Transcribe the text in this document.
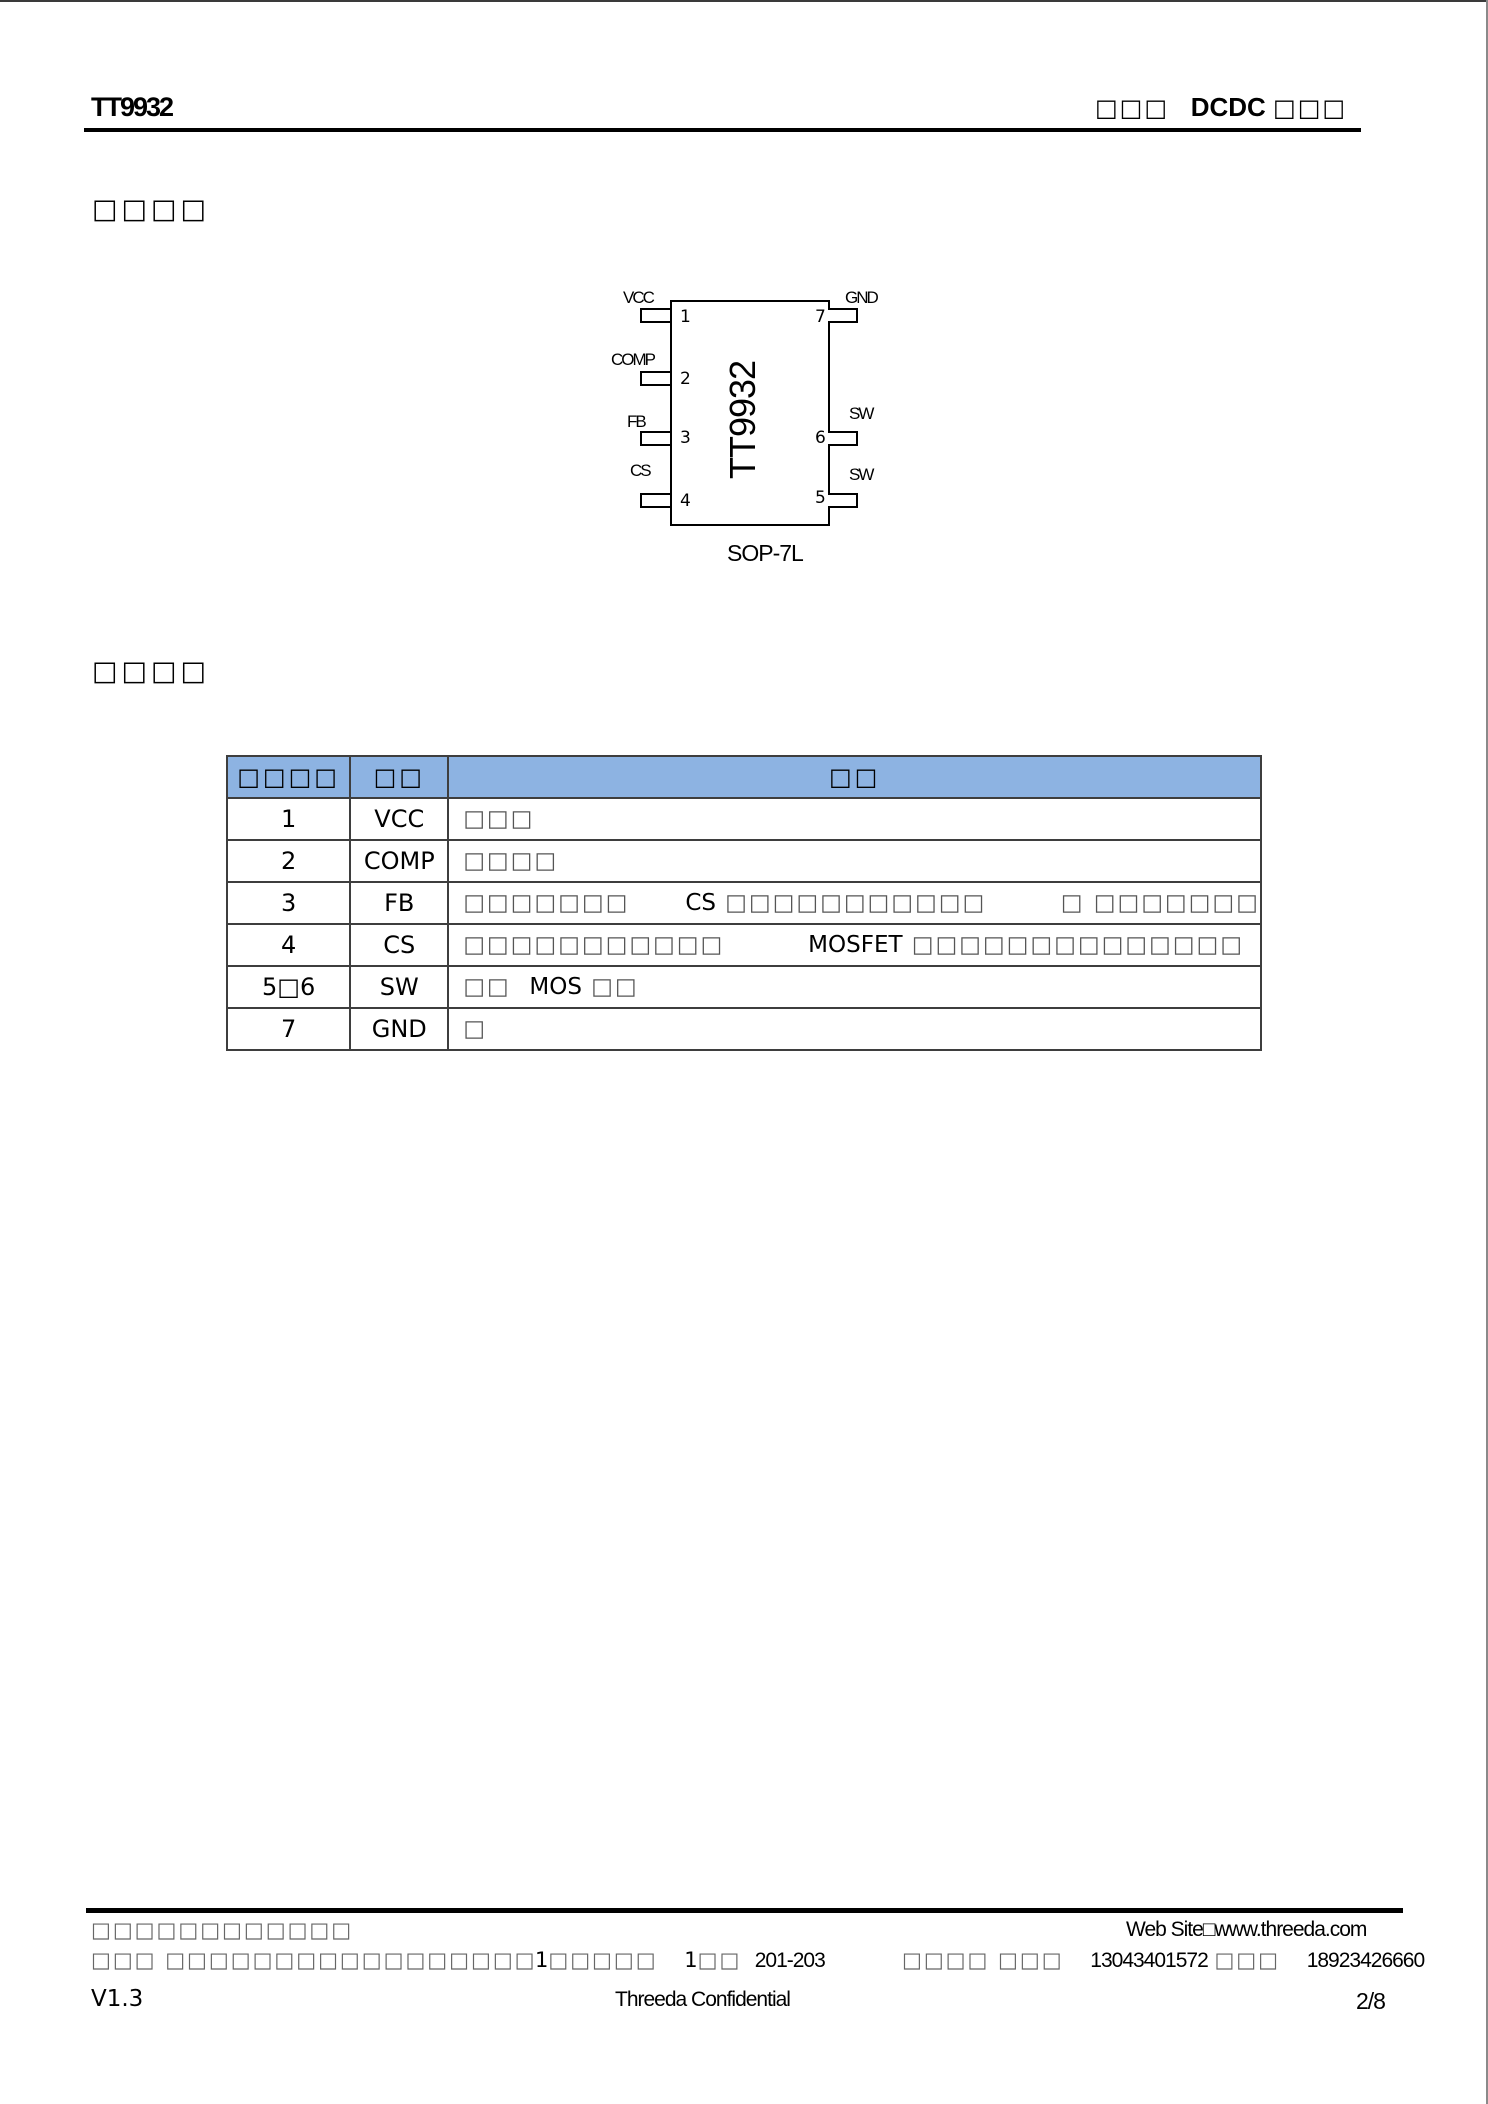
TT9932	□□□ DCDC □□□
□□□□
TT9932
VCC
COMP
FB
CS
GND
SW
SW
1
2
3
4
7
6
5
SOP-7L
□□□□
□□□□	□□	□□
1	VCC	□□□
2	COMP	□□□□
3	FB	□□□□□□□      CS □□□□□□□□□□□        □ □□□□□□□
4	CS	□□□□□□□□□□□         MOSFET □□□□□□□□□□□□□□
5□6	SW	□□  MOS □□
7	GND	□
□□□□□□□□□□□□
□□□ □□□□□□□□□□□□□□□□□
1□□□□□ 1□□ 201-203
Web Site□www.threeda.com
□□□□ □□□ 13043401572 □□□ 18923426660
V1.3	Threeda Confidential	2/8
